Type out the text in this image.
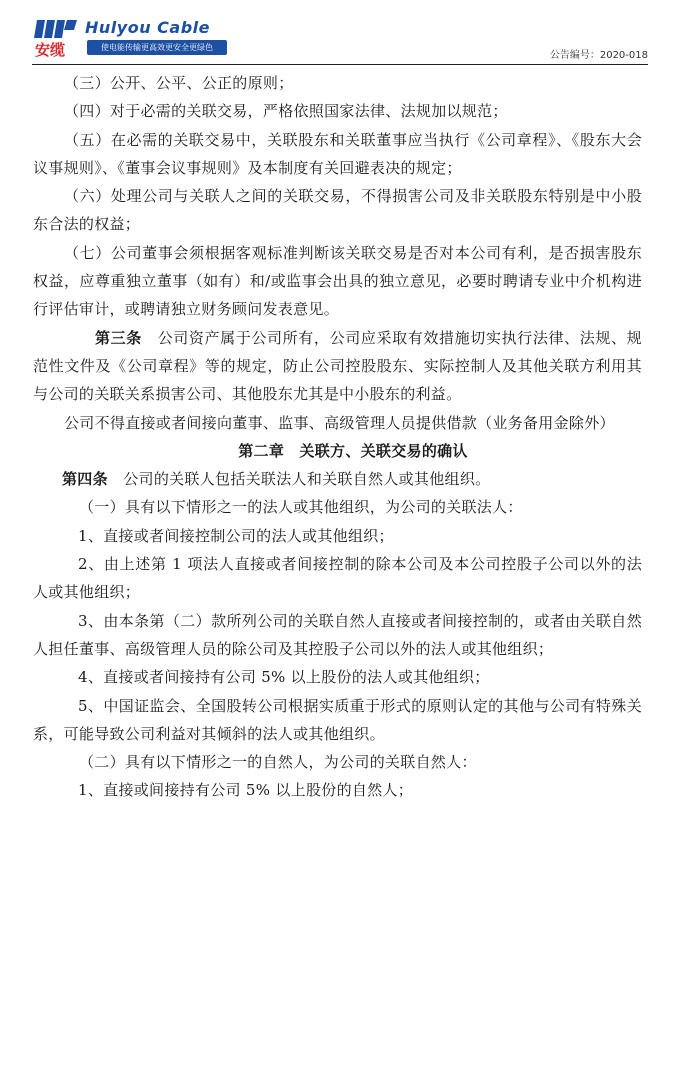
安缆
Hulyou Cable
使电能传输更高效更安全更绿色
公告编号：2020-018

（三）公开、公平、公正的原则；

（四）对于必需的关联交易，严格依照国家法律、法规加以规范；

（五）在必需的关联交易中，关联股东和关联董事应当执行《公司章程》、《股东大会议事规则》、《董事会议事规则》及本制度有关回避表决的规定；

（六）处理公司与关联人之间的关联交易，不得损害公司及非关联股东特别是中小股东合法的权益；

（七）公司董事会须根据客观标准判断该关联交易是否对本公司有利，是否损害股东权益，应尊重独立董事（如有）和/或监事会出具的独立意见，必要时聘请专业中介机构进行评估审计，或聘请独立财务顾问发表意见。

第三条　 公司资产属于公司所有，公司应采取有效措施切实执行法律、法规、规范性文件及《公司章程》等的规定，防止公司控股股东、实际控制人及其他关联方利用其与公司的关联关系损害公司、其他股东尤其是中小股东的利益。

公司不得直接或者间接向董事、监事、高级管理人员提供借款（业务备用金除外）

第二章　关联方、关联交易的确认

第四条　 公司的关联人包括关联法人和关联自然人或其他组织。

（一）具有以下情形之一的法人或其他组织，为公司的关联法人：

1、直接或者间接控制公司的法人或其他组织；

2、由上述第 1 项法人直接或者间接控制的除本公司及本公司控股子公司以外的法人或其他组织；

3、由本条第（二）款所列公司的关联自然人直接或者间接控制的，或者由关联自然人担任董事、高级管理人员的除公司及其控股子公司以外的法人或其他组织；

4、直接或者间接持有公司 5% 以上股份的法人或其他组织；

5、中国证监会、全国股转公司根据实质重于形式的原则认定的其他与公司有特殊关系，可能导致公司利益对其倾斜的法人或其他组织。

（二）具有以下情形之一的自然人，为公司的关联自然人：

1、直接或间接持有公司 5% 以上股份的自然人；
